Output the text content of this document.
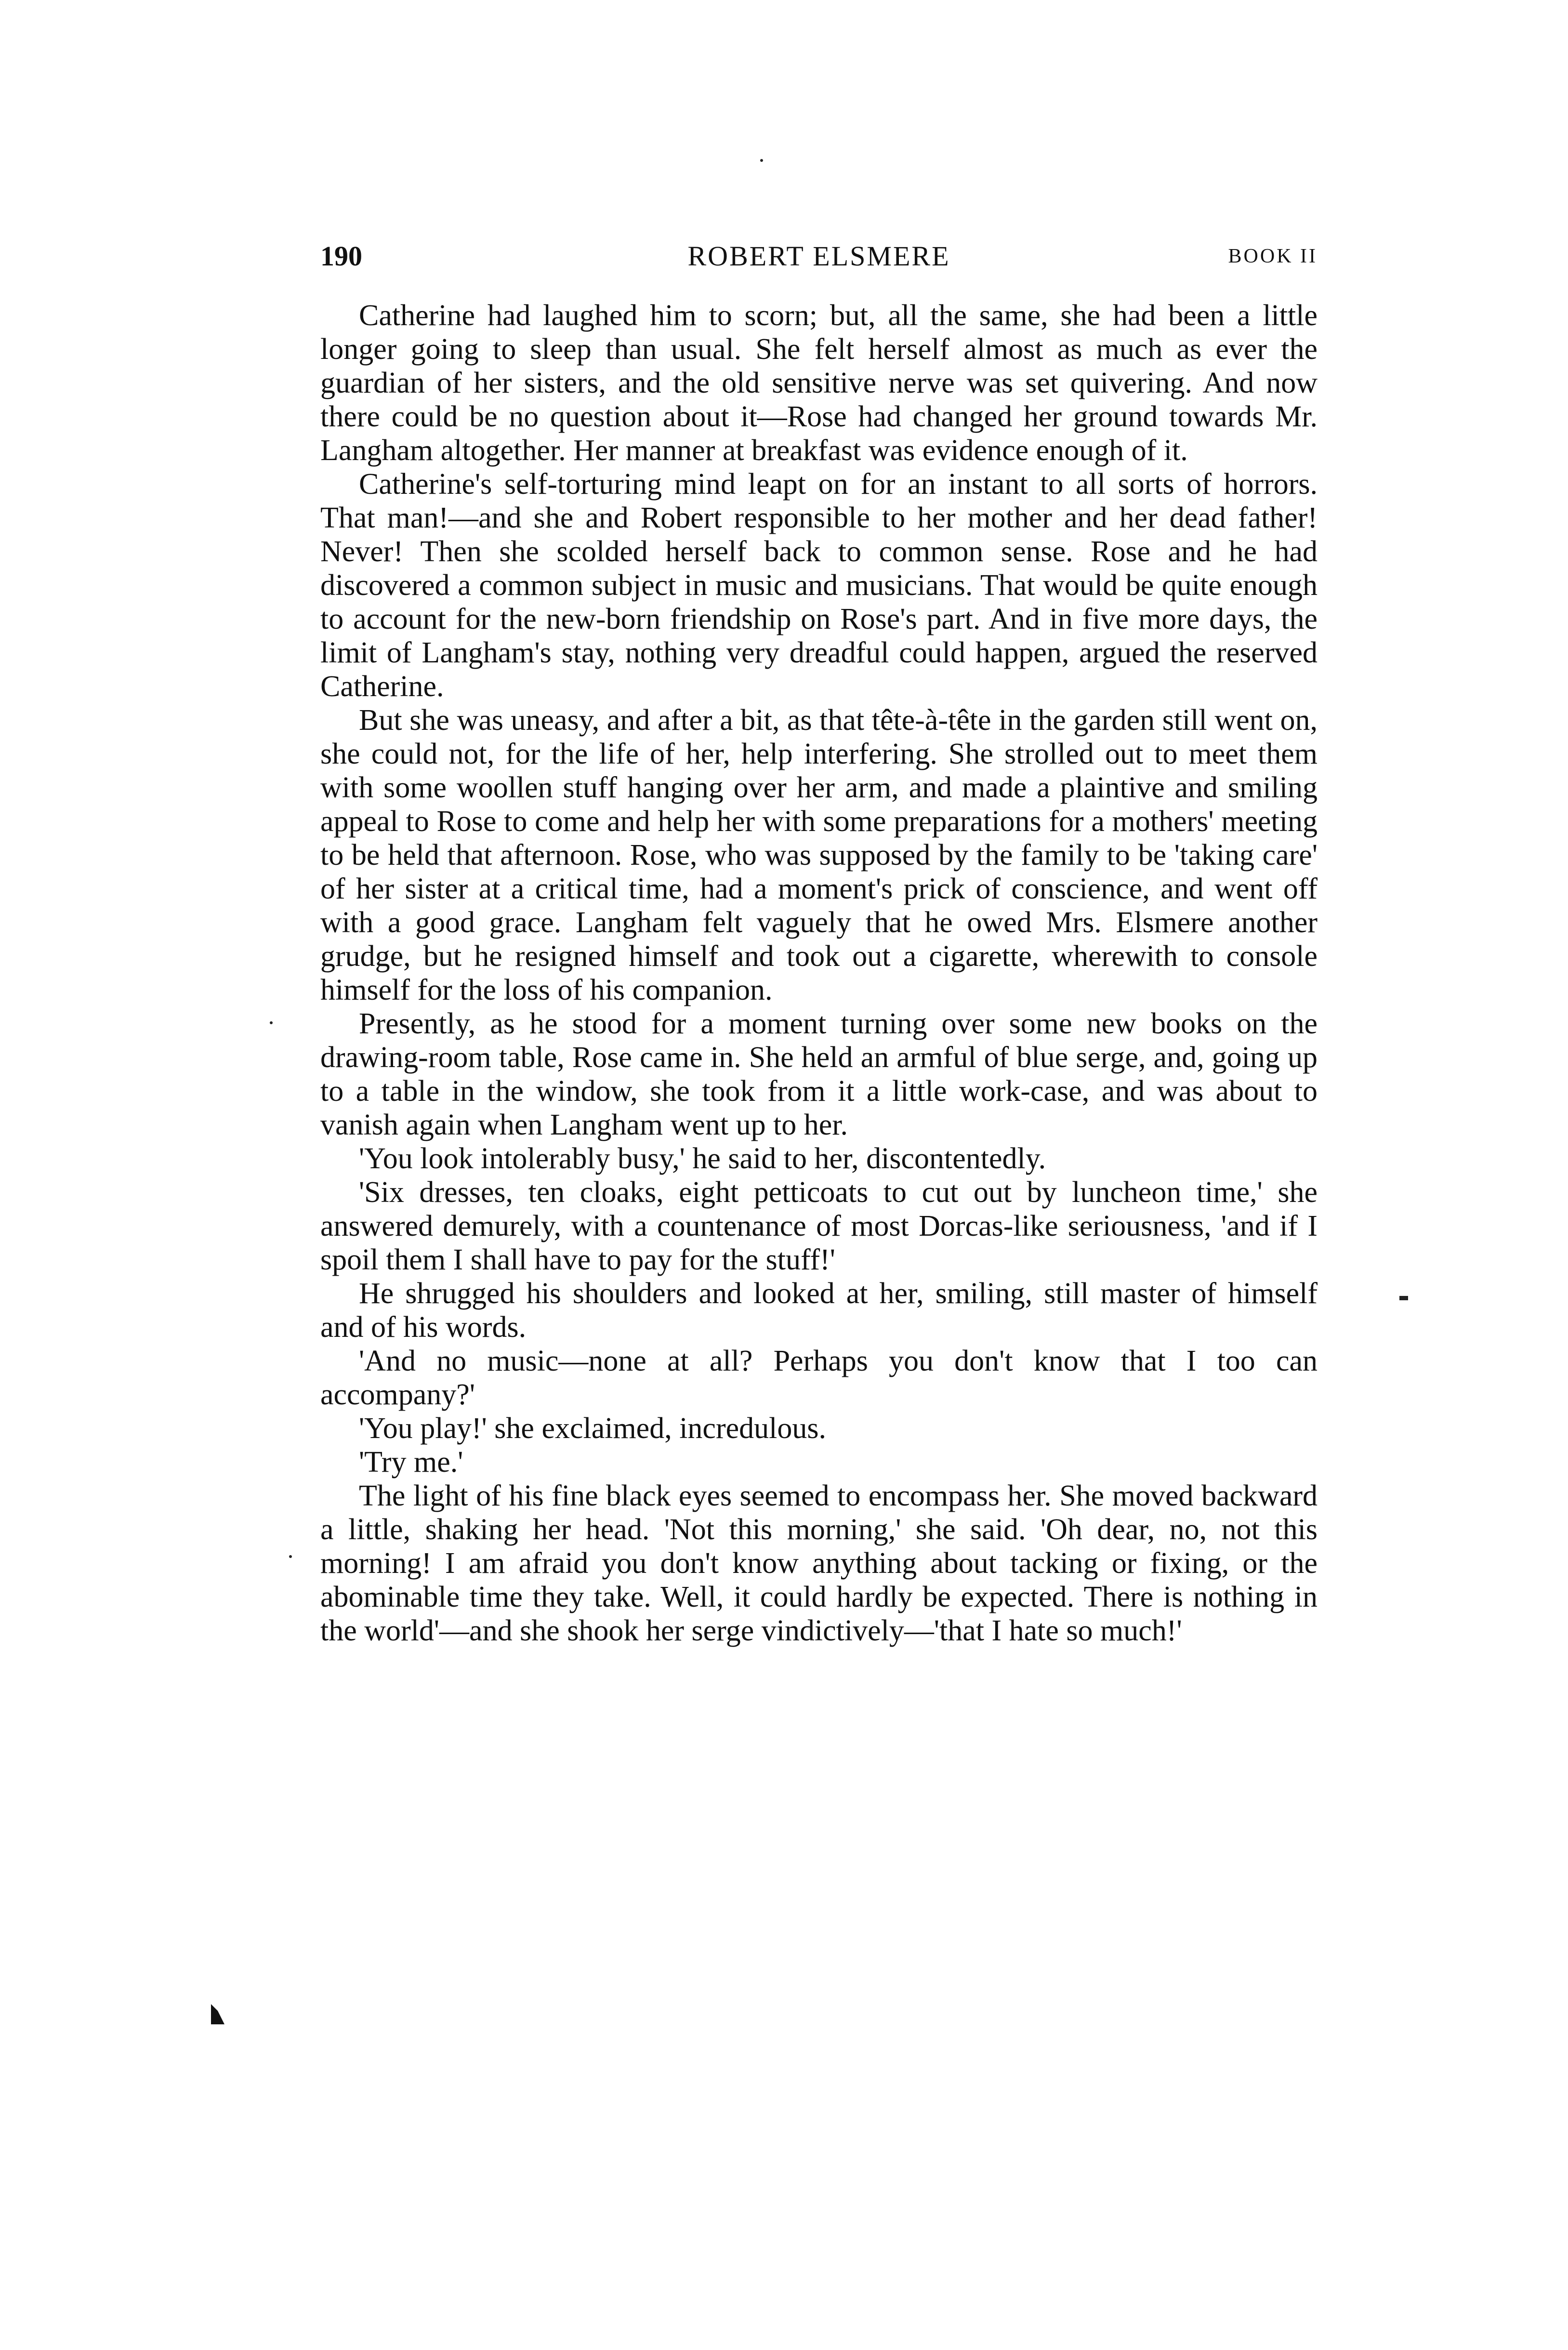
190	ROBERT ELSMERE	BOOK II

Catherine had laughed him to scorn; but, all the same, she had been a little longer going to sleep than usual. She felt herself almost as much as ever the guardian of her sisters, and the old sensitive nerve was set quivering. And now there could be no question about it—Rose had changed her ground towards Mr. Langham altogether. Her manner at breakfast was evidence enough of it.

Catherine's self-torturing mind leapt on for an instant to all sorts of horrors. That man!—and she and Robert responsible to her mother and her dead father! Never! Then she scolded herself back to common sense. Rose and he had discovered a common subject in music and musicians. That would be quite enough to account for the new-born friendship on Rose's part. And in five more days, the limit of Langham's stay, nothing very dreadful could happen, argued the reserved Catherine.

But she was uneasy, and after a bit, as that tête-à-tête in the garden still went on, she could not, for the life of her, help interfering. She strolled out to meet them with some woollen stuff hanging over her arm, and made a plaintive and smiling appeal to Rose to come and help her with some preparations for a mothers' meeting to be held that afternoon. Rose, who was supposed by the family to be 'taking care' of her sister at a critical time, had a moment's prick of conscience, and went off with a good grace. Langham felt vaguely that he owed Mrs. Elsmere another grudge, but he resigned himself and took out a cigarette, wherewith to console himself for the loss of his companion.

Presently, as he stood for a moment turning over some new books on the drawing-room table, Rose came in. She held an armful of blue serge, and, going up to a table in the window, she took from it a little work-case, and was about to vanish again when Langham went up to her.

'You look intolerably busy,' he said to her, discontentedly.

'Six dresses, ten cloaks, eight petticoats to cut out by luncheon time,' she answered demurely, with a countenance of most Dorcas-like seriousness, 'and if I spoil them I shall have to pay for the stuff!'

He shrugged his shoulders and looked at her, smiling, still master of himself and of his words.

'And no music—none at all? Perhaps you don't know that I too can accompany?'

'You play!' she exclaimed, incredulous.

'Try me.'

The light of his fine black eyes seemed to encompass her. She moved backward a little, shaking her head. 'Not this morning,' she said. 'Oh dear, no, not this morning! I am afraid you don't know anything about tacking or fixing, or the abominable time they take. Well, it could hardly be expected. There is nothing in the world'—and she shook her serge vindictively—'that I hate so much!'
